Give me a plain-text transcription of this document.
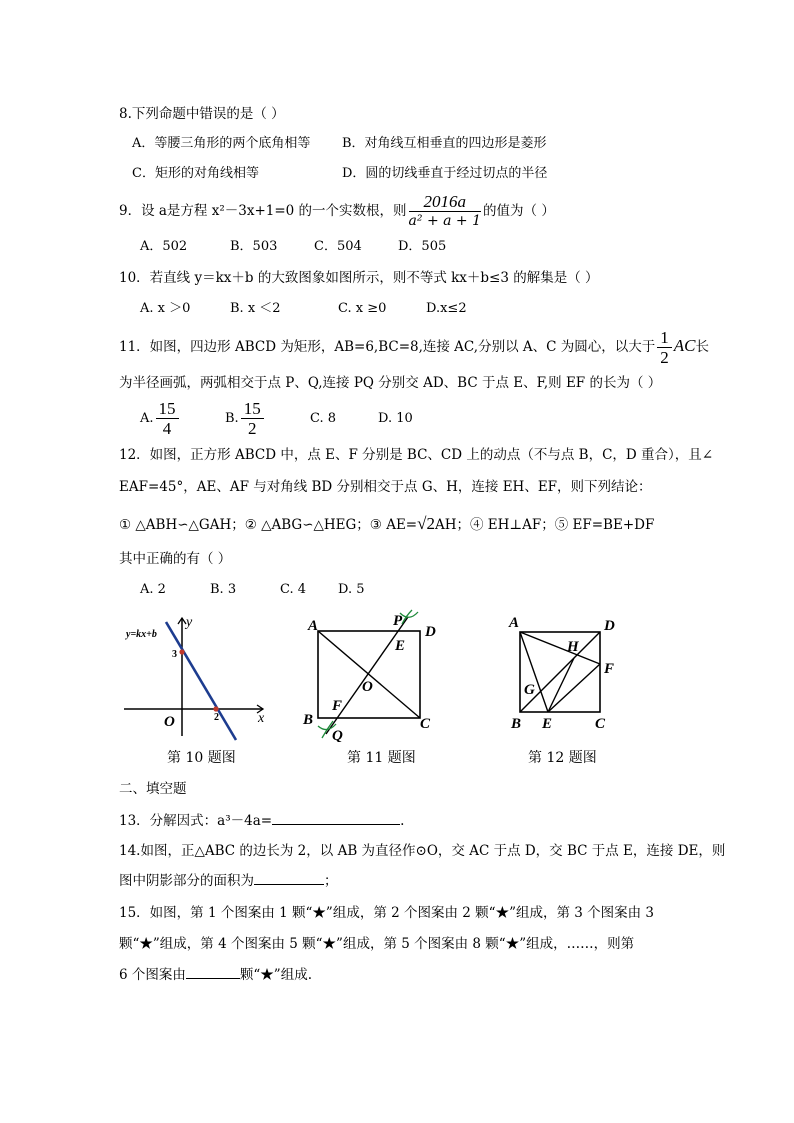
8.下列命题中错误的是（ ）
A．等腰三角形的两个底角相等 B．对角线互相垂直的四边形是菱形
C．矩形的对角线相等	D．圆的切线垂直于经过切点的半径
9．设 a是方程 x²－3x+1=0 的一个实数根，则 $\frac{2016a}{\text{a² + a + 1}}$ 的值为（ ）
A．502	B．503	C．504	D．505
10．若直线 y＝kx＋b 的大致图象如图所示，则不等式 kx＋b≤3 的解集是（ ）
A. x ＞0	B. x ＜2	C. x ≥0	D.x≤2
11．如图，四边形 ABCD 为矩形，AB=6,BC=8,连接 AC,分别以 A、C 为圆心，以大于 $\frac{1}{2}$ AC长
为半径画弧，两弧相交于点 P、Q,连接 PQ 分别交 AD、BC 于点 E、F,则 EF 的长为（ ）
A. $\frac{15}{4}$	B. $\frac{15}{2}$	C. 8	D. 10
12．如图，正方形 ABCD 中，点 E、F 分别是 BC、CD 上的动点（不与点 B，C，D 重合），且∠
EAF=45°，AE、AF 与对角线 BD 分别相交于点 G、H，连接 EH、EF，则下列结论：
① △ABH∽△GAH；② △ABG∽△HEG；③ AE=√2AH；④ EH⊥AF；⑤ EF=BE+DF
其中正确的有（ ）
A. 2	B. 3	C. 4 D. 5
y=kx+b
y
x
O
3
2
第 10 题图
A	P
D
E
O
F
B	C
Q
第 11 题图
A	D
H
F
G
B E	C
第 12 题图
二、填空题
13．分解因式：a³－4a=	.
14.如图，正△ABC 的边长为 2，以 AB 为直径作⊙O，交 AC 于点 D，交 BC 于点 E，连接 DE，则
图中阴影部分的面积为	；
15．如图，第 1 个图案由 1 颗“★”组成，第 2 个图案由 2 颗“★”组成，第 3 个图案由 3
颗“★”组成，第 4 个图案由 5 颗“★”组成，第 5 个图案由 8 颗“★”组成，……，则第
6 个图案由	颗“★”组成.
